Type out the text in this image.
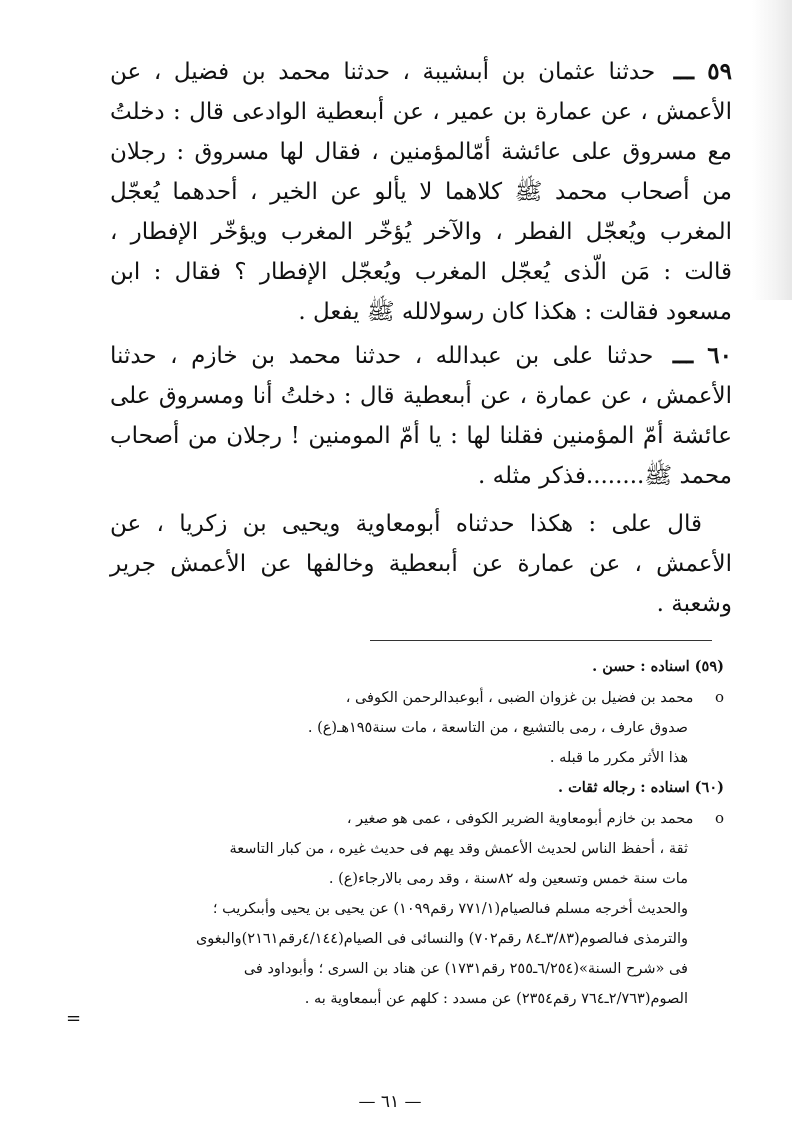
٥٩ ـــ حدثنا عثمان بن أبىشيبة ، حدثنا محمد بن فضيل ، عن الأعمش ، عن عمارة بن عمير ، عن أبىعطية الوادعى قال : دخلتُ مع مسروق على عائشة أمّالمؤمنين ، فقال لها مسروق : رجلان من أصحاب محمد ﷺ كلاهما لا يألو عن الخير ، أحدهما يُعجّل المغرب ويُعجّل الفطر ، والآخر يُؤخّر المغرب ويؤخّر الإفطار ، قالت : مَن الّذى يُعجّل المغرب ويُعجّل الإفطار ؟ فقال : ابن مسعود فقالت : هكذا كان رسولالله ﷺ يفعل .

٦٠ ـــ حدثنا على بن عبدالله ، حدثنا محمد بن خازم ، حدثنا الأعمش ، عن عمارة ، عن أبىعطية قال : دخلتُ أنا ومسروق على عائشة أمّ المؤمنين فقلنا لها : يا أمّ المومنين ! رجلان من أصحاب محمد ﷺ........فذكر مثله .

قال على : هكذا حدثناه أبومعاوية ويحيى بن زكريا ، عن الأعمش ، عن عمارة عن أبىعطية وخالفها عن الأعمش جرير وشعبة .

(٥٩) اسناده : حسن .
o محمد بن فضيل بن غزوان الضبى ، أبوعبدالرحمن الكوفى ،
صدوق عارف ، رمى بالتشيع ، من التاسعة ، مات سنة١٩٥هـ(ع) .
هذا الأثر مكرر ما قبله .
(٦٠) اسناده : رجاله ثقات .
o محمد بن خازم أبومعاوية الضرير الكوفى ، عمى هو صغير ،
ثقة ، أحفظ الناس لحديث الأعمش وقد يهم فى حديث غيره ، من كبار التاسعة
مات سنة خمس وتسعين وله ٨٢سنة ، وقد رمى بالارجاء(ع) .
والحديث أخرجه مسلم فىالصيام(٧٧١/١ رقم١٠٩٩) عن يحيى بن يحيى وأبىكريب ؛
والترمذى فىالصوم(٣/٨٣ـ٨٤ رقم٧٠٢) والنسائى فى الصيام(٤/١٤٤رقم٢١٦١)والبغوى
فى «شرح السنة»(٦/٢٥٤ـ٢٥٥ رقم١٧٣١) عن هناد بن السرى ؛ وأبوداود فى
الصوم(٢/٧٦٣ـ٧٦٤ رقم٢٣٥٤) عن مسدد : كلهم عن أبىمعاوية به .
=
— ٦١ —
